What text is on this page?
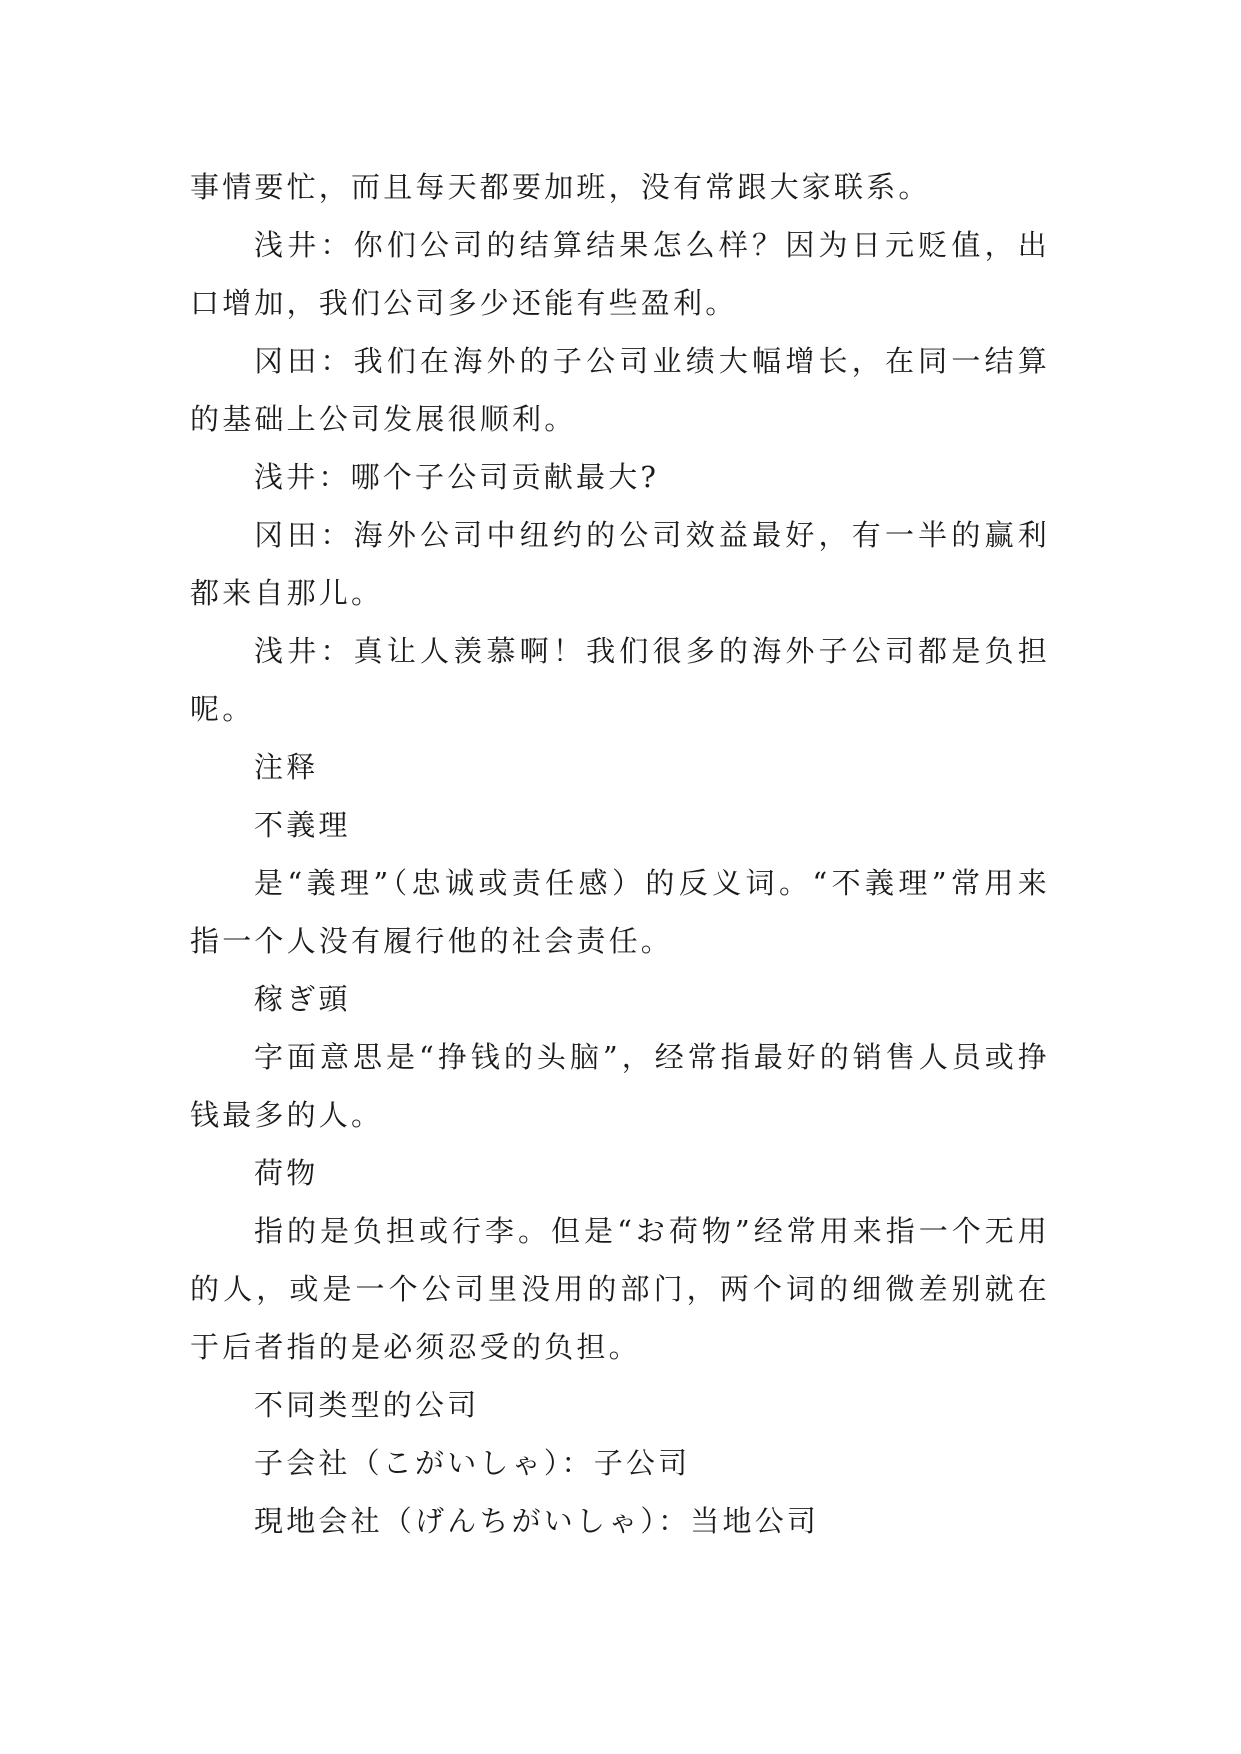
事情要忙，而且每天都要加班，没有常跟大家联系。

浅井：你们公司的结算结果怎么样？因为日元贬值，出口增加，我们公司多少还能有些盈利。

冈田：我们在海外的子公司业绩大幅增长，在同一结算的基础上公司发展很顺利。

浅井：哪个子公司贡献最大?

冈田：海外公司中纽约的公司效益最好，有一半的赢利都来自那儿。

浅井：真让人羡慕啊！我们很多的海外子公司都是负担呢。

注释

不義理

是“義理”（忠诚或责任感）的反义词。“不義理”常用来指一个人没有履行他的社会责任。

稼ぎ頭

字面意思是“挣钱的头脑”，经常指最好的销售人员或挣钱最多的人。

荷物

指的是负担或行李。但是“お荷物”经常用来指一个无用的人，或是一个公司里没用的部门，两个词的细微差别就在于后者指的是必须忍受的负担。

不同类型的公司

子会社（こがいしゃ）：子公司

現地会社（げんちがいしゃ）：当地公司
